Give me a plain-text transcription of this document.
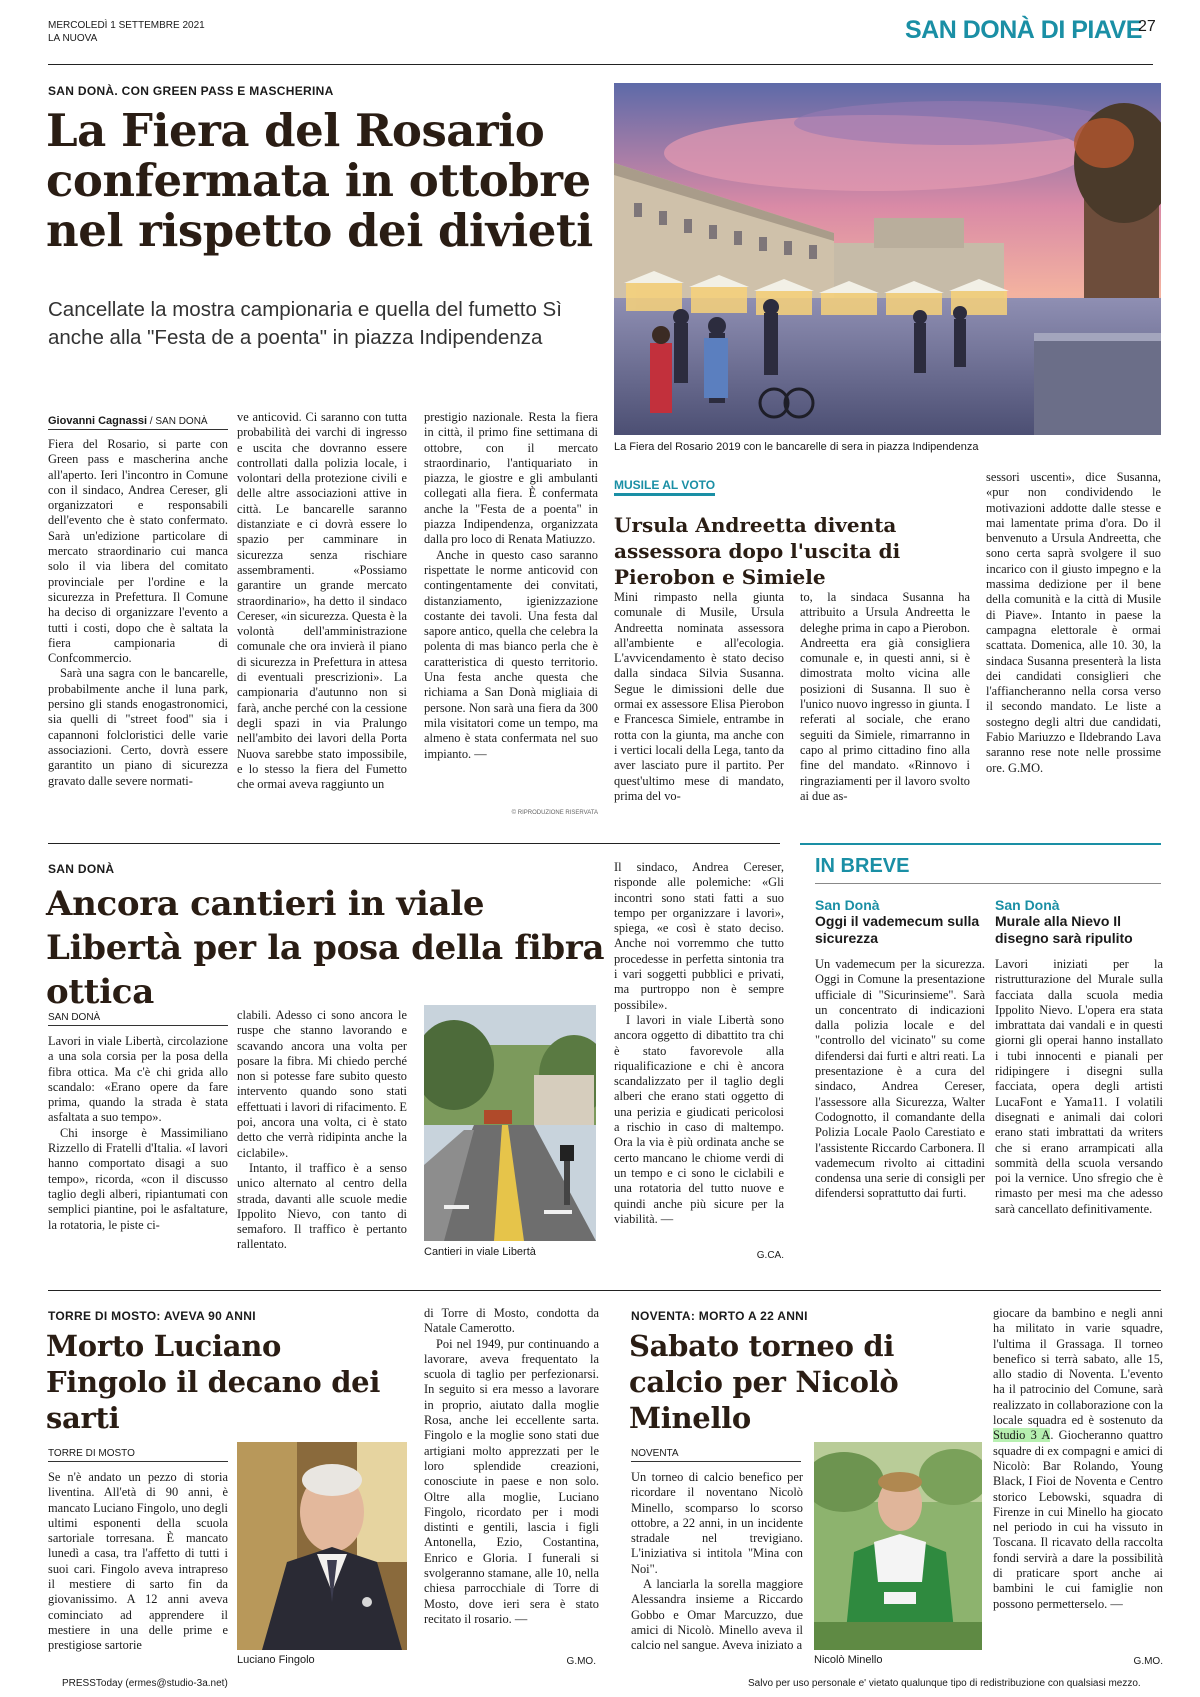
MERCOLEDÌ 1 SETTEMBRE 2021
LA NUOVA	SAN DONÀ DI PIAVE
27
SAN DONÀ. CON GREEN PASS E MASCHERINA
La Fiera del Rosario confermata in ottobre nel rispetto dei divieti
Cancellate la mostra campionaria e quella del fumetto Sì anche alla "Festa de a poenta" in piazza Indipendenza
Giovanni Cagnassi / SAN DONÀ

Fiera del Rosario, si parte con Green pass e mascherina anche all'aperto. Ieri l'incontro in Comune con il sindaco, Andrea Cereser, gli organizzatori e responsabili dell'evento che è stato confermato. Sarà un'edizione particolare di mercato straordinario cui manca solo il via libera del comitato provinciale per l'ordine e la sicurezza in Prefettura. Il Comune ha deciso di organizzare l'evento a tutti i costi, dopo che è saltata la fiera campionaria di Confcommercio.

Sarà una sagra con le bancarelle, probabilmente anche il luna park, persino gli stands enogastronomici, sia quelli di "street food" sia i capannoni folcloristici delle varie associazioni. Certo, dovrà essere garantito un piano di sicurezza gravato dalle severe normati-

ve anticovid. Ci saranno con tutta probabilità dei varchi di ingresso e uscita che dovranno essere controllati dalla polizia locale, i volontari della protezione civili e delle altre associazioni attive in città. Le bancarelle saranno distanziate e ci dovrà essere lo spazio per camminare in sicurezza senza rischiare assembramenti. «Possiamo garantire un grande mercato straordinario», ha detto il sindaco Cereser, «in sicurezza. Questa è la volontà dell'amministrazione comunale che ora invierà il piano di sicurezza in Prefettura in attesa di eventuali prescrizioni». La campionaria d'autunno non si farà, anche perché con la cessione degli spazi in via Pralungo nell'ambito dei lavori della Porta Nuova sarebbe stato impossibile, e lo stesso la fiera del Fumetto che ormai aveva raggiunto un

prestigio nazionale. Resta la fiera in città, il primo fine settimana di ottobre, con il mercato straordinario, l'antiquariato in piazza, le giostre e gli ambulanti collegati alla fiera. È confermata anche la "Festa de a poenta" in piazza Indipendenza, organizzata dalla pro loco di Renata Matiuzzo.

Anche in questo caso saranno rispettate le norme anticovid con contingentamente dei convitati, distanziamento, igienizzazione costante dei tavoli. Una festa dal sapore antico, quella che celebra la polenta di mas bianco perla che è caratteristica di questo territorio. Una festa anche questa che richiama a San Donà migliaia di persone. Non sarà una fiera da 300 mila visitatori come un tempo, ma almeno è stata confermata nel suo impianto. —

© RIPRODUZIONE RISERVATA
La Fiera del Rosario 2019 con le bancarelle di sera in piazza Indipendenza
MUSILE AL VOTO
Ursula Andreetta diventa assessora dopo l'uscita di Pierobon e Simiele

Mini rimpasto nella giunta comunale di Musile, Ursula Andreetta nominata assessora all'ambiente e all'ecologia. L'avvicendamento è stato deciso dalla sindaca Silvia Susanna. Segue le dimissioni delle due ormai ex assessore Elisa Pierobon e Francesca Simiele, entrambe in rotta con la giunta, ma anche con i vertici locali della Lega, tanto da aver lasciato pure il partito. Per quest'ultimo mese di mandato, prima del vo-

to, la sindaca Susanna ha attribuito a Ursula Andreetta le deleghe prima in capo a Pierobon. Andreetta era già consigliera comunale e, in questi anni, si è dimostrata molto vicina alle posizioni di Susanna. Il suo è l'unico nuovo ingresso in giunta. I referati al sociale, che erano seguiti da Simiele, rimarranno in capo al primo cittadino fino alla fine del mandato. «Rinnovo i ringraziamenti per il lavoro svolto ai due as-

sessori uscenti», dice Susanna, «pur non condividendo le motivazioni addotte dalle stesse e mai lamentate prima d'ora. Do il benvenuto a Ursula Andreetta, che sono certa saprà svolgere il suo incarico con il giusto impegno e la massima dedizione per il bene della comunità e la città di Musile di Piave». Intanto in paese la campagna elettorale è ormai scattata. Domenica, alle 10. 30, la sindaca Susanna presenterà la lista dei candidati consiglieri che l'affiancheranno nella corsa verso il secondo mandato. Le liste a sostegno degli altri due candidati, Fabio Mariuzzo e Ildebrando Lava saranno rese note nelle prossime ore. G.MO.

SAN DONÀ
Ancora cantieri in viale Libertà per la posa della fibra ottica
SAN DONÀ

Lavori in viale Libertà, circolazione a una sola corsia per la posa della fibra ottica. Ma c'è chi grida allo scandalo: «Erano opere da fare prima, quando la strada è stata asfaltata a suo tempo».

Chi insorge è Massimiliano Rizzello di Fratelli d'Italia. «I lavori hanno comportato disagi a suo tempo», ricorda, «con il discusso taglio degli alberi, ripiantumati con semplici piantine, poi le asfaltature, la rotatoria, le piste ci-

clabili. Adesso ci sono ancora le ruspe che stanno lavorando e scavando ancora una volta per posare la fibra. Mi chiedo perché non si potesse fare subito questo intervento quando sono stati effettuati i lavori di rifacimento. E poi, ancora una volta, ci è stato detto che verrà ridipinta anche la ciclabile».

Intanto, il traffico è a senso unico alternato al centro della strada, davanti alle scuole medie Ippolito Nievo, con tanto di semaforo. Il traffico è pertanto rallentato.

Cantieri in viale Libertà

Il sindaco, Andrea Cereser, risponde alle polemiche: «Gli incontri sono stati fatti a suo tempo per organizzare i lavori», spiega, «e così è stato deciso. Anche noi vorremmo che tutto procedesse in perfetta sintonia tra i vari soggetti pubblici e privati, ma purtroppo non è sempre possibile».

I lavori in viale Libertà sono ancora oggetto di dibattito tra chi è stato favorevole alla riqualificazione e chi è ancora scandalizzato per il taglio degli alberi che erano stati oggetto di una perizia e giudicati pericolosi a rischio in caso di maltempo. Ora la via è più ordinata anche se certo mancano le chiome verdi di un tempo e ci sono le ciclabili e una rotatoria del tutto nuove e quindi anche più sicure per la viabilità. —

G.CA.
IN BREVE
San Donà
Oggi il vademecum sulla sicurezza
Un vademecum per la sicurezza. Oggi in Comune la presentazione ufficiale di "Sicurinsieme". Sarà un concentrato di indicazioni dalla polizia locale e del "controllo del vicinato" su come difendersi dai furti e altri reati. La presentazione è a cura del sindaco, Andrea Cereser, l'assessore alla Sicurezza, Walter Codognotto, il comandante della Polizia Locale Paolo Carestiato e l'assistente Riccardo Carbonera. Il vademecum rivolto ai cittadini condensa una serie di consigli per difendersi soprattutto dai furti.
San Donà
Murale alla Nievo Il disegno sarà ripulito
Lavori iniziati per la ristrutturazione del Murale sulla facciata dalla scuola media Ippolito Nievo. L'opera era stata imbrattata dai vandali e in questi giorni gli operai hanno installato i tubi innocenti e pianali per ridipingere i disegni sulla facciata, opera degli artisti LucaFont e Yama11. I volatili disegnati e animali dai colori erano stati imbrattati da writers che si erano arrampicati alla sommità della scuola versando poi la vernice. Uno sfregio che è rimasto per mesi ma che adesso sarà cancellato definitivamente.
TORRE DI MOSTO: AVEVA 90 ANNI
Morto Luciano Fingolo il decano dei sarti
TORRE DI MOSTO

Se n'è andato un pezzo di storia liventina. All'età di 90 anni, è mancato Luciano Fingolo, uno degli ultimi esponenti della scuola sartoriale torresana. È mancato lunedì a casa, tra l'affetto di tutti i suoi cari. Fingolo aveva intrapreso il mestiere di sarto fin da giovanissimo. A 12 anni aveva cominciato ad apprendere il mestiere in una delle prime e prestigiose sartorie

Luciano Fingolo

di Torre di Mosto, condotta da Natale Camerotto.

Poi nel 1949, pur continuando a lavorare, aveva frequentato la scuola di taglio per perfezionarsi. In seguito si era messo a lavorare in proprio, aiutato dalla moglie Rosa, anche lei eccellente sarta. Fingolo e la moglie sono stati due artigiani molto apprezzati per le loro splendide creazioni, conosciute in paese e non solo. Oltre alla moglie, Luciano Fingolo, ricordato per i modi distinti e gentili, lascia i figli Antonella, Ezio, Costantina, Enrico e Gloria. I funerali si svolgeranno stamane, alle 10, nella chiesa parrocchiale di Torre di Mosto, dove ieri sera è stato recitato il rosario. —

G.MO.
NOVENTA: MORTO A 22 ANNI
Sabato torneo di calcio per Nicolò Minello
NOVENTA

Un torneo di calcio benefico per ricordare il noventano Nicolò Minello, scomparso lo scorso ottobre, a 22 anni, in un incidente stradale nel trevigiano. L'iniziativa si intitola "Mina con Noi".

A lanciarla la sorella maggiore Alessandra insieme a Riccardo Gobbo e Omar Marcuzzo, due amici di Nicolò. Minello aveva il calcio nel sangue. Aveva iniziato a

Nicolò Minello

giocare da bambino e negli anni ha militato in varie squadre, l'ultima il Grassaga. Il torneo benefico si terrà sabato, alle 15, allo stadio di Noventa. L'evento ha il patrocinio del Comune, sarà realizzato in collaborazione con la locale squadra ed è sostenuto da Studio 3 A. Giocheranno quattro squadre di ex compagni e amici di Nicolò: Bar Rolando, Young Black, I Fioi de Noventa e Centro storico Lebowski, squadra di Firenze in cui Minello ha giocato nel periodo in cui ha vissuto in Toscana. Il ricavato della raccolta fondi servirà a dare la possibilità di praticare sport anche ai bambini le cui famiglie non possono permetterselo. —

G.MO.
PRESSToday (ermes@studio-3a.net)	Salvo per uso personale e' vietato qualunque tipo di redistribuzione con qualsiasi mezzo.
